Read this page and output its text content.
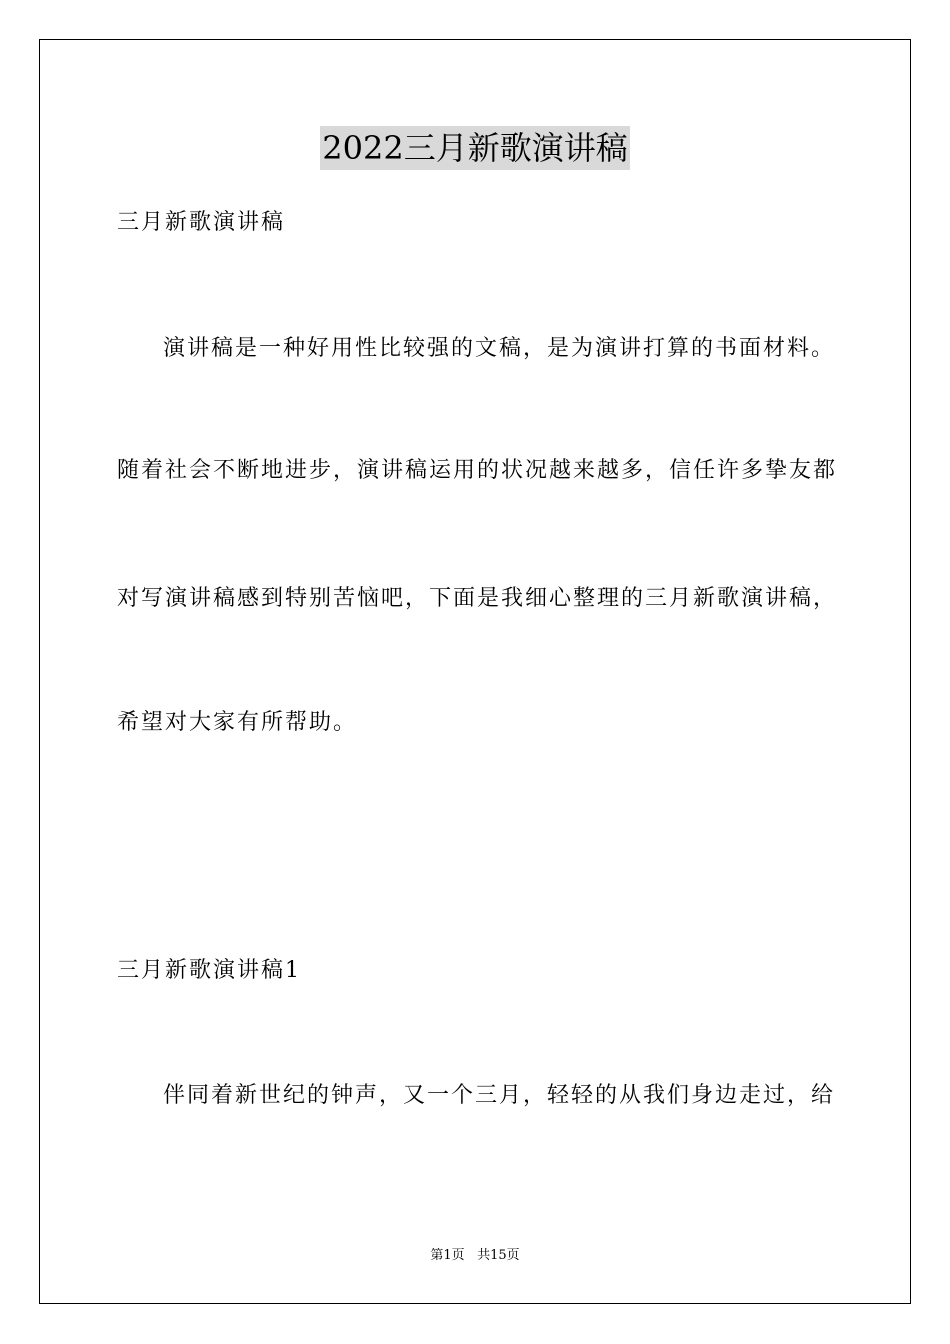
2022三月新歌演讲稿
三月新歌演讲稿
演讲稿是一种好用性比较强的文稿，是为演讲打算的书面材料。
随着社会不断地进步，演讲稿运用的状况越来越多，信任许多挚友都
对写演讲稿感到特别苦恼吧，下面是我细心整理的三月新歌演讲稿，
希望对大家有所帮助。
三月新歌演讲稿1
伴同着新世纪的钟声，又一个三月，轻轻的从我们身边走过，给
第1页 共15页
